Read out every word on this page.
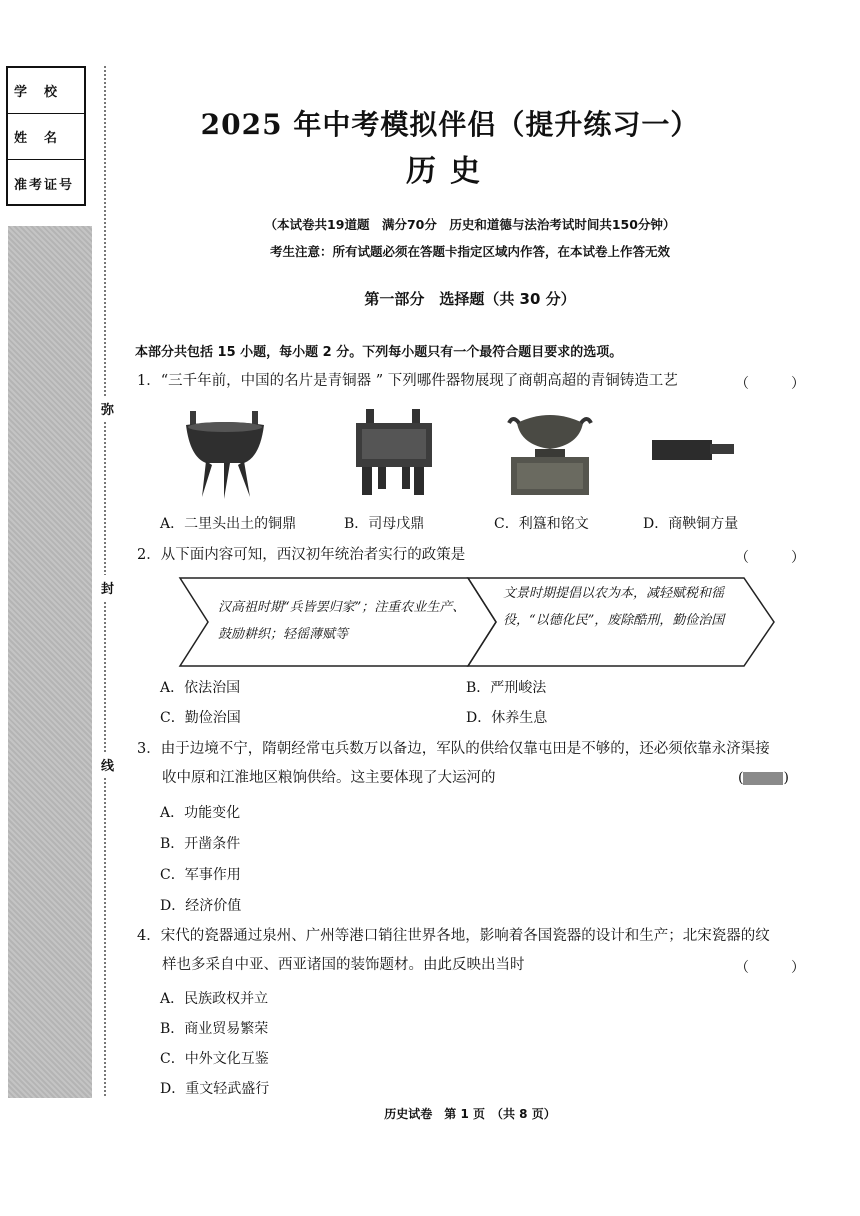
学　校
姓　名
准考证号
弥
封
线
2025 年中考模拟伴侣（提升练习一）
历史
（本试卷共19道题　满分70分　历史和道德与法治考试时间共150分钟）
考生注意：所有试题必须在答题卡指定区域内作答，在本试卷上作答无效
第一部分　选择题（共 30 分）
本部分共包括 15 小题，每小题 2 分。下列每小题只有一个最符合题目要求的选项。
1．“三千年前，中国的名片是青铜器 ” 下列哪件器物展现了商朝高超的青铜铸造工艺	（　　　）
A．二里头出土的铜鼎	B．司母戊鼎	C．利簋和铭文	D．商鞅铜方量
2．从下面内容可知，西汉初年统治者实行的政策是	（　　　）
汉高祖时期“兵皆罢归家”；注重农业生产、鼓励耕织；轻徭薄赋等
文景时期提倡以农为本，减轻赋税和徭役，“以德化民”，废除酷刑，勤俭治国
A．依法治国	B．严刑峻法
C．勤俭治国	D．休养生息
3．由于边境不宁，隋朝经常屯兵数万以备边，军队的供给仅靠屯田是不够的，还必须依靠永济渠接
收中原和江淮地区粮饷供给。这主要体现了大运河的	(	)
A．功能变化
B．开凿条件
C．军事作用
D．经济价值
4．宋代的瓷器通过泉州、广州等港口销往世界各地，影响着各国瓷器的设计和生产；北宋瓷器的纹
样也多采自中亚、西亚诸国的装饰题材。由此反映出当时	（　　　）
A．民族政权并立
B．商业贸易繁荣
C．中外文化互鉴
D．重文轻武盛行
历史试卷　第 1 页　（共 8 页）
